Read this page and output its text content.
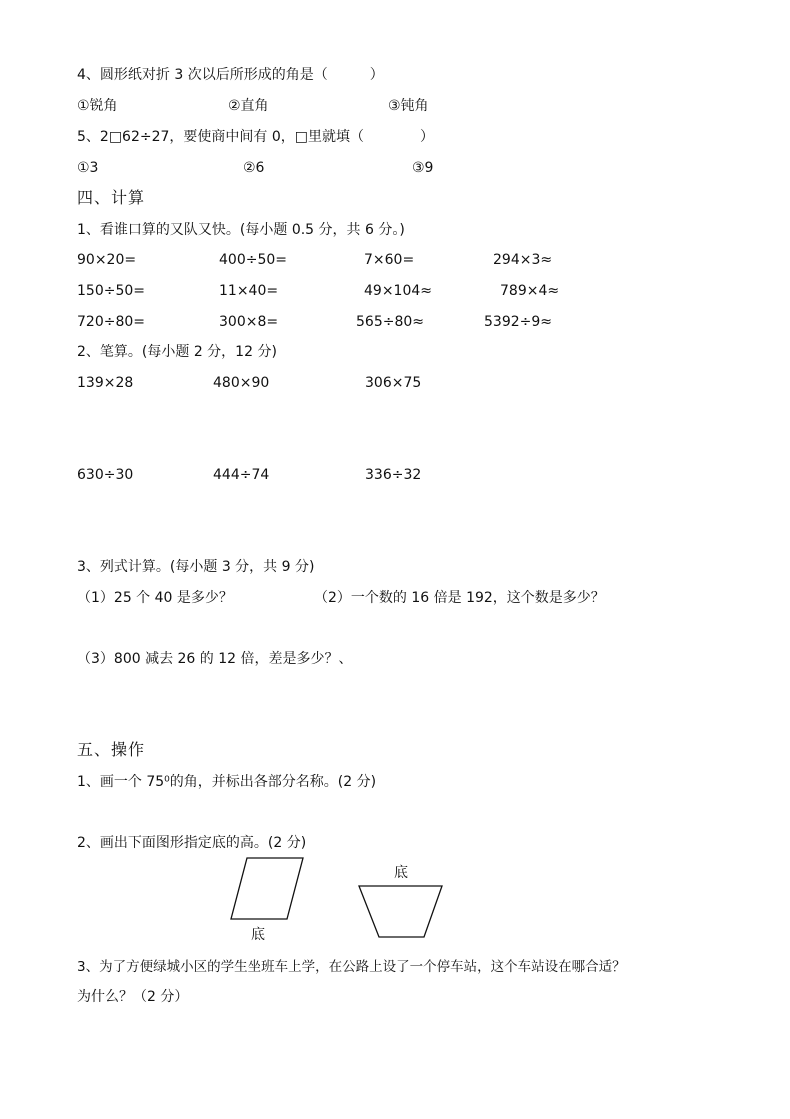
4、圆形纸对折 3 次以后所形成的角是（　　　）
①锐角	②直角	③钝角
5、2□62÷27，要使商中间有 0，□里就填（　　　　）
①3	②6	③9
四、计算
1、看谁口算的又队又快。(每小题 0.5 分，共 6 分。)
90×20=	400÷50=	7×60=	294×3≈
150÷50=	11×40=	49×104≈	789×4≈
720÷80=	300×8=	565÷80≈	5392÷9≈
2、笔算。(每小题 2 分，12 分)
139×28	480×90	306×75
630÷30	444÷74	336÷32
3、列式计算。(每小题 3 分，共 9 分)
（1）25 个 40 是多少？	（2）一个数的 16 倍是 192，这个数是多少？
（3）800 减去 26 的 12 倍，差是多少？、
五、操作
1、画一个 75⁰的角，并标出各部分名称。(2 分)
2、画出下面图形指定底的高。(2 分)
底
底
3、为了方便绿城小区的学生坐班车上学，在公路上设了一个停车站，这个车站设在哪合适？
为什么？（2 分）
